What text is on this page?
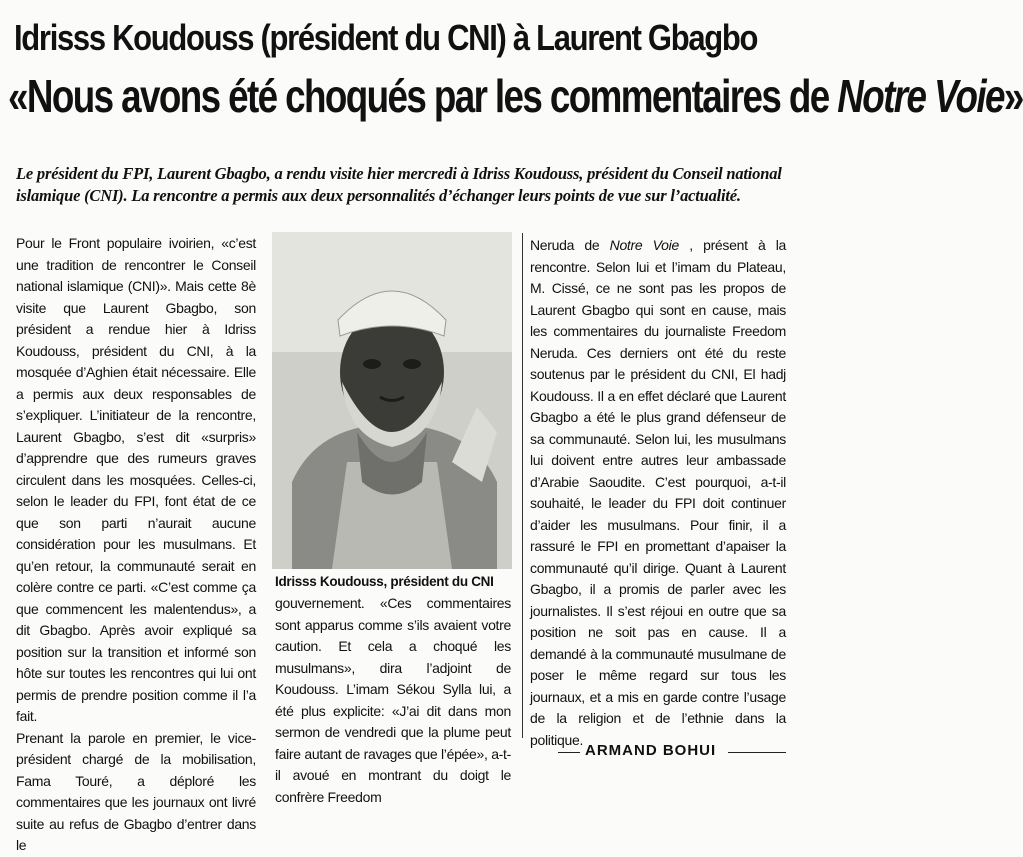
Idrisss Koudouss (président du CNI) à Laurent Gbagbo
«Nous avons été choqués par les commentaires de Notre Voie»
Le président du FPI, Laurent Gbagbo, a rendu visite hier mercredi à Idriss Koudouss, président du Conseil national islamique (CNI). La rencontre a permis aux deux personnalités d’échanger leurs points de vue sur l’actualité.

Pour le Front populaire ivoirien, «c’est une tradition de rencontrer le Conseil national islamique (CNI)». Mais cette 8è visite que Laurent Gbagbo, son président a rendue hier à Idriss Koudouss, président du CNI, à la mosquée d’Aghien était nécessaire. Elle a permis aux deux responsables de s’expliquer. L’initiateur de la rencontre, Laurent Gbagbo, s’est dit «surpris» d’apprendre que des rumeurs graves circulent dans les mosquées. Celles-ci, selon le leader du FPI, font état de ce que son parti n’aurait aucune considération pour les musulmans. Et qu’en retour, la communauté serait en colère contre ce parti. «C’est comme ça que commencent les malentendus», a dit Gbagbo. Après avoir expliqué sa position sur la transition et informé son hôte sur toutes les rencontres qui lui ont permis de prendre position comme il l’a fait.

Prenant la parole en premier, le vice-président chargé de la mobilisation, Fama Touré, a déploré les commentaires que les journaux ont livré suite au refus de Gbagbo d’entrer dans le

Idrisss Koudouss, président du CNI

gouvernement. «Ces commentaires sont apparus comme s’ils avaient votre caution. Et cela a choqué les musulmans», dira l’adjoint de Koudouss. L’imam Sékou Sylla lui, a été plus explicite: «J’ai dit dans mon sermon de vendredi que la plume peut faire autant de ravages que l’épée», a-t-il avoué en montrant du doigt le confrère Freedom

Neruda de Notre Voie , présent à la rencontre. Selon lui et l’imam du Plateau, M. Cissé, ce ne sont pas les propos de Laurent Gbagbo qui sont en cause, mais les commentaires du journaliste Freedom Neruda. Ces derniers ont été du reste soutenus par le président du CNI, El hadj Koudouss. Il a en effet déclaré que Laurent Gbagbo a été le plus grand défenseur de sa communauté. Selon lui, les musulmans lui doivent entre autres leur ambassade d’Arabie Saoudite. C’est pourquoi, a-t-il souhaité, le leader du FPI doit continuer d’aider les musulmans. Pour finir, il a rassuré le FPI en promettant d’apaiser la communauté qu’il dirige. Quant à Laurent Gbagbo, il a promis de parler avec les journalistes. Il s’est réjoui en outre que sa position ne soit pas en cause. Il a demandé à la communauté musulmane de poser le même regard sur tous les journaux, et a mis en garde contre l’usage de la religion et de l’ethnie dans la politique.

ARMAND BOHUI
